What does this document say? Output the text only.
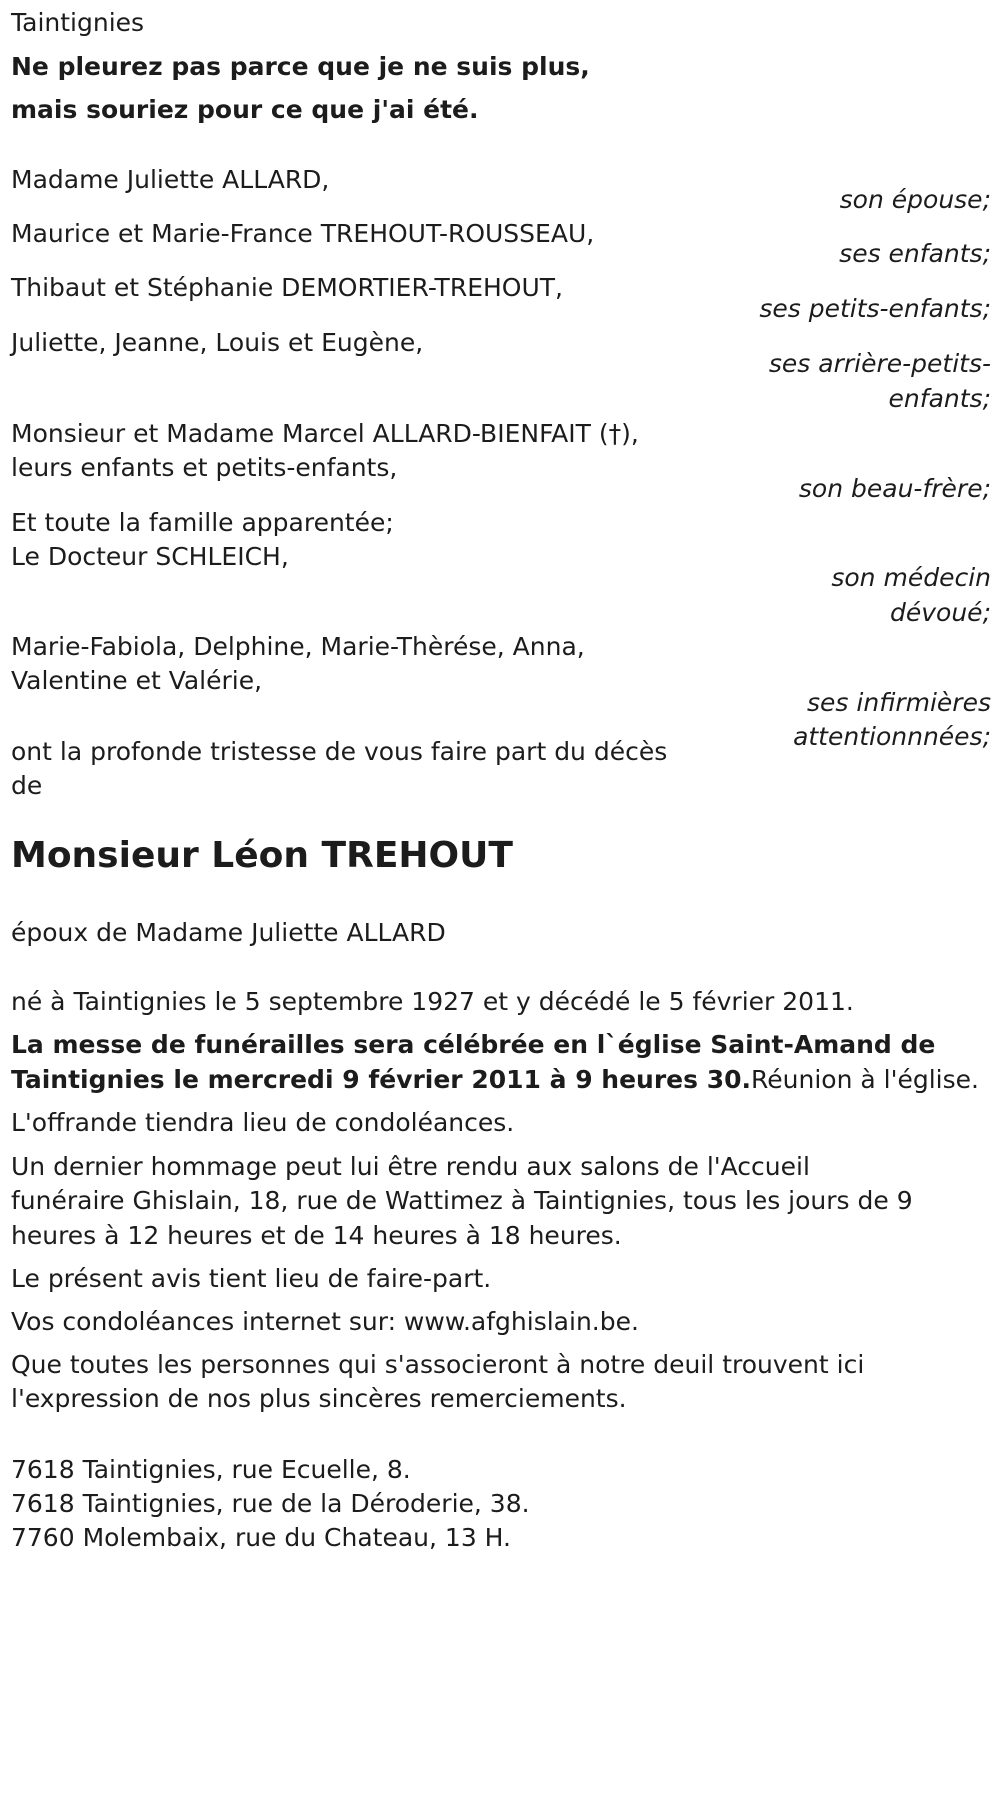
Taintignies
Ne pleurez pas parce que je ne suis plus,
mais souriez pour ce que j'ai été.
Madame Juliette ALLARD,
son épouse;
Maurice et Marie-France TREHOUT-ROUSSEAU,
ses enfants;
Thibaut et Stéphanie DEMORTIER-TREHOUT,
ses petits-enfants;
Juliette, Jeanne, Louis et Eugène,
ses arrière-petits-
enfants;
Monsieur et Madame Marcel ALLARD-BIENFAIT (†),
leurs enfants et petits-enfants,
son beau-frère;
Et toute la famille apparentée;
Le Docteur SCHLEICH,
son médecin
dévoué;
Marie-Fabiola, Delphine, Marie-Thèrése, Anna,
Valentine et Valérie,
ses infirmières
attentionnnées;
ont la profonde tristesse de vous faire part du décès
de
Monsieur Léon TREHOUT
époux de Madame Juliette ALLARD
né à Taintignies le 5 septembre 1927 et y décédé le 5 février 2011.
La messe de funérailles sera célébrée en l`église Saint-Amand de
Taintignies le mercredi 9 février 2011 à 9 heures 30.Réunion à l'église.
L'offrande tiendra lieu de condoléances.
Un dernier hommage peut lui être rendu aux salons de l'Accueil
funéraire Ghislain, 18, rue de Wattimez à Taintignies, tous les jours de 9
heures à 12 heures et de 14 heures à 18 heures.
Le présent avis tient lieu de faire-part.
Vos condoléances internet sur: www.afghislain.be.
Que toutes les personnes qui s'associeront à notre deuil trouvent ici
l'expression de nos plus sincères remerciements.
7618 Taintignies, rue Ecuelle, 8.
7618 Taintignies, rue de la Déroderie, 38.
7760 Molembaix, rue du Chateau, 13 H.
